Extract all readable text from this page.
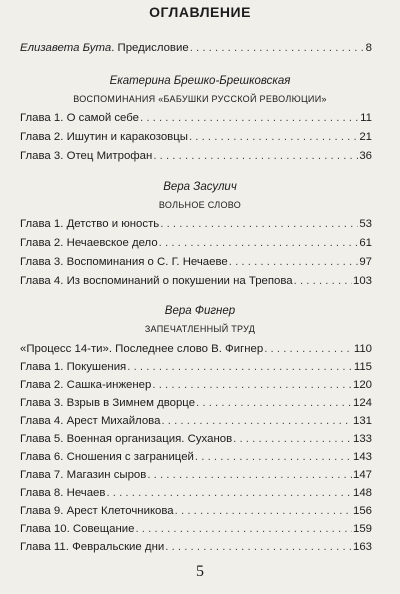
ОГЛАВЛЕНИЕ
Елизавета Бута . Предисловие . . .	8
Екатерина Брешко-Брешковская
ВОСПОМИНАНИЯ «БАБУШКИ РУССКОЙ РЕВОЛЮЦИИ»
Глава 1. О самой себе . . .	11
Глава 2. Ишутин и каракозовцы . . .	21
Глава 3. Отец Митрофан . . .	36
Вера Засулич
ВОЛЬНОЕ СЛОВО
Глава 1. Детство и юность . . .	53
Глава 2. Нечаевское дело . . .	61
Глава 3. Воспоминания о С. Г. Нечаеве . . .	97
Глава 4. Из воспоминаний о покушении на Трепова . . .	103
Вера Фигнер
ЗАПЕЧАТЛЕННЫЙ ТРУД
«Процесс 14-ти». Последнее слово В. Фигнер . . .	110
Глава 1. Покушения . . .	115
Глава 2. Сашка-инженер . . .	120
Глава 3. Взрыв в Зимнем дворце . . .	124
Глава 4. Арест Михайлова . . .	131
Глава 5. Военная организация. Суханов . . .	133
Глава 6. Сношения с заграницей . . .	143
Глава 7. Магазин сыров . . .	147
Глава 8. Нечаев . . .	148
Глава 9. Арест Клеточникова . . .	156
Глава 10. Совещание . . .	159
Глава 11. Февральские дни . . .	163
5
